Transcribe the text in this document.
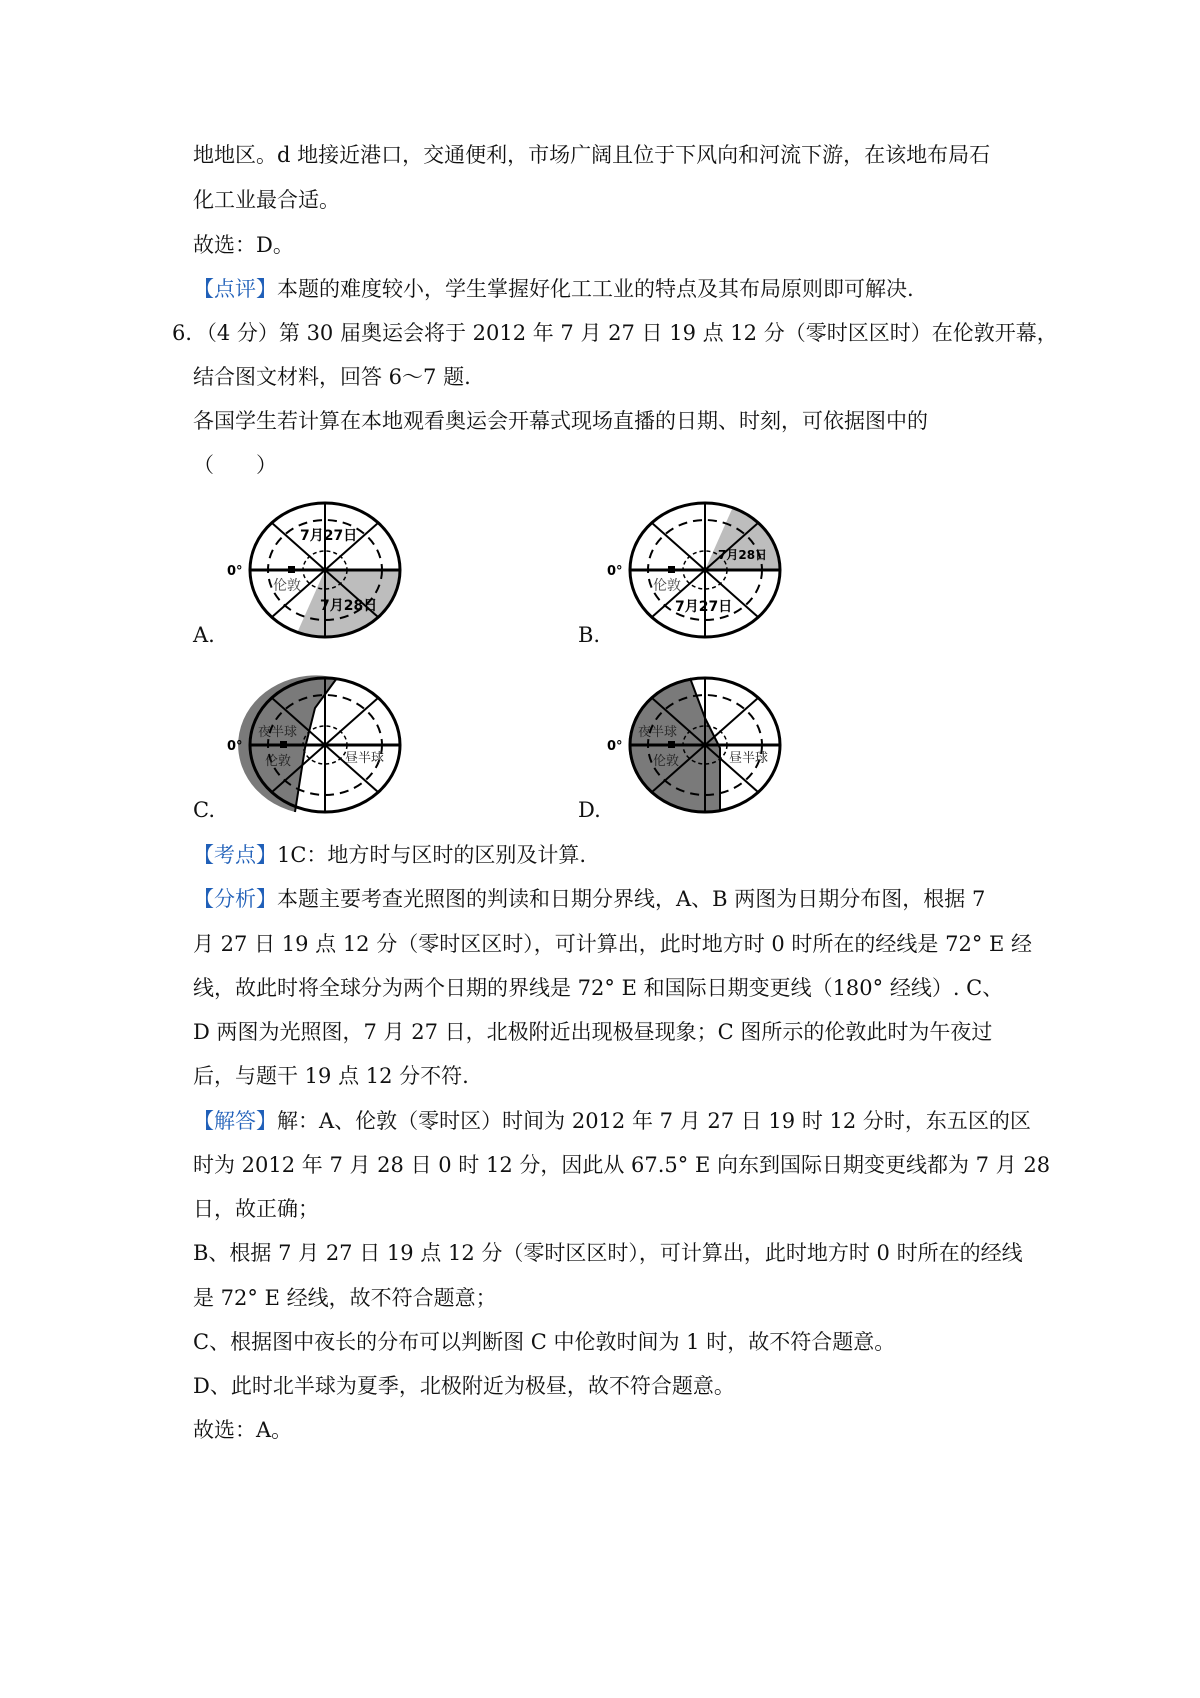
地地区。d 地接近港口，交通便利，市场广阔且位于下风向和河流下游，在该地布局石
化工业最合适。
故选：D。
【点评】本题的难度较小，学生掌握好化工工业的特点及其布局原则即可解决.
6．（4 分）第 30 届奥运会将于 2012 年 7 月 27 日 19 点 12 分（零时区区时）在伦敦开幕，
结合图文材料，回答 6～7 题.
各国学生若计算在本地观看奥运会开幕式现场直播的日期、时刻，可依据图中的
（　　）
A.
0°
7月27日
伦敦
7月28日
B.
0°
7月28日
伦敦
7月27日
C.
0°
夜半球
伦敦	昼半球
D.
0°
夜半球
伦敦	昼半球
【考点】1C：地方时与区时的区别及计算.
【分析】本题主要考查光照图的判读和日期分界线，A、B 两图为日期分布图，根据 7
月 27 日 19 点 12 分（零时区区时），可计算出，此时地方时 0 时所在的经线是 72° E 经
线，故此时将全球分为两个日期的界线是 72° E 和国际日期变更线（180° 经线）. C、
D 两图为光照图，7 月 27 日，北极附近出现极昼现象；C 图所示的伦敦此时为午夜过
后，与题干 19 点 12 分不符.
【解答】解：A、伦敦（零时区）时间为 2012 年 7 月 27 日 19 时 12 分时，东五区的区
时为 2012 年 7 月 28 日 0 时 12 分，因此从 67.5° E 向东到国际日期变更线都为 7 月 28
日，故正确；
B、根据 7 月 27 日 19 点 12 分（零时区区时），可计算出，此时地方时 0 时所在的经线
是 72° E 经线，故不符合题意；
C、根据图中夜长的分布可以判断图 C 中伦敦时间为 1 时，故不符合题意。
D、此时北半球为夏季，北极附近为极昼，故不符合题意。
故选：A。
